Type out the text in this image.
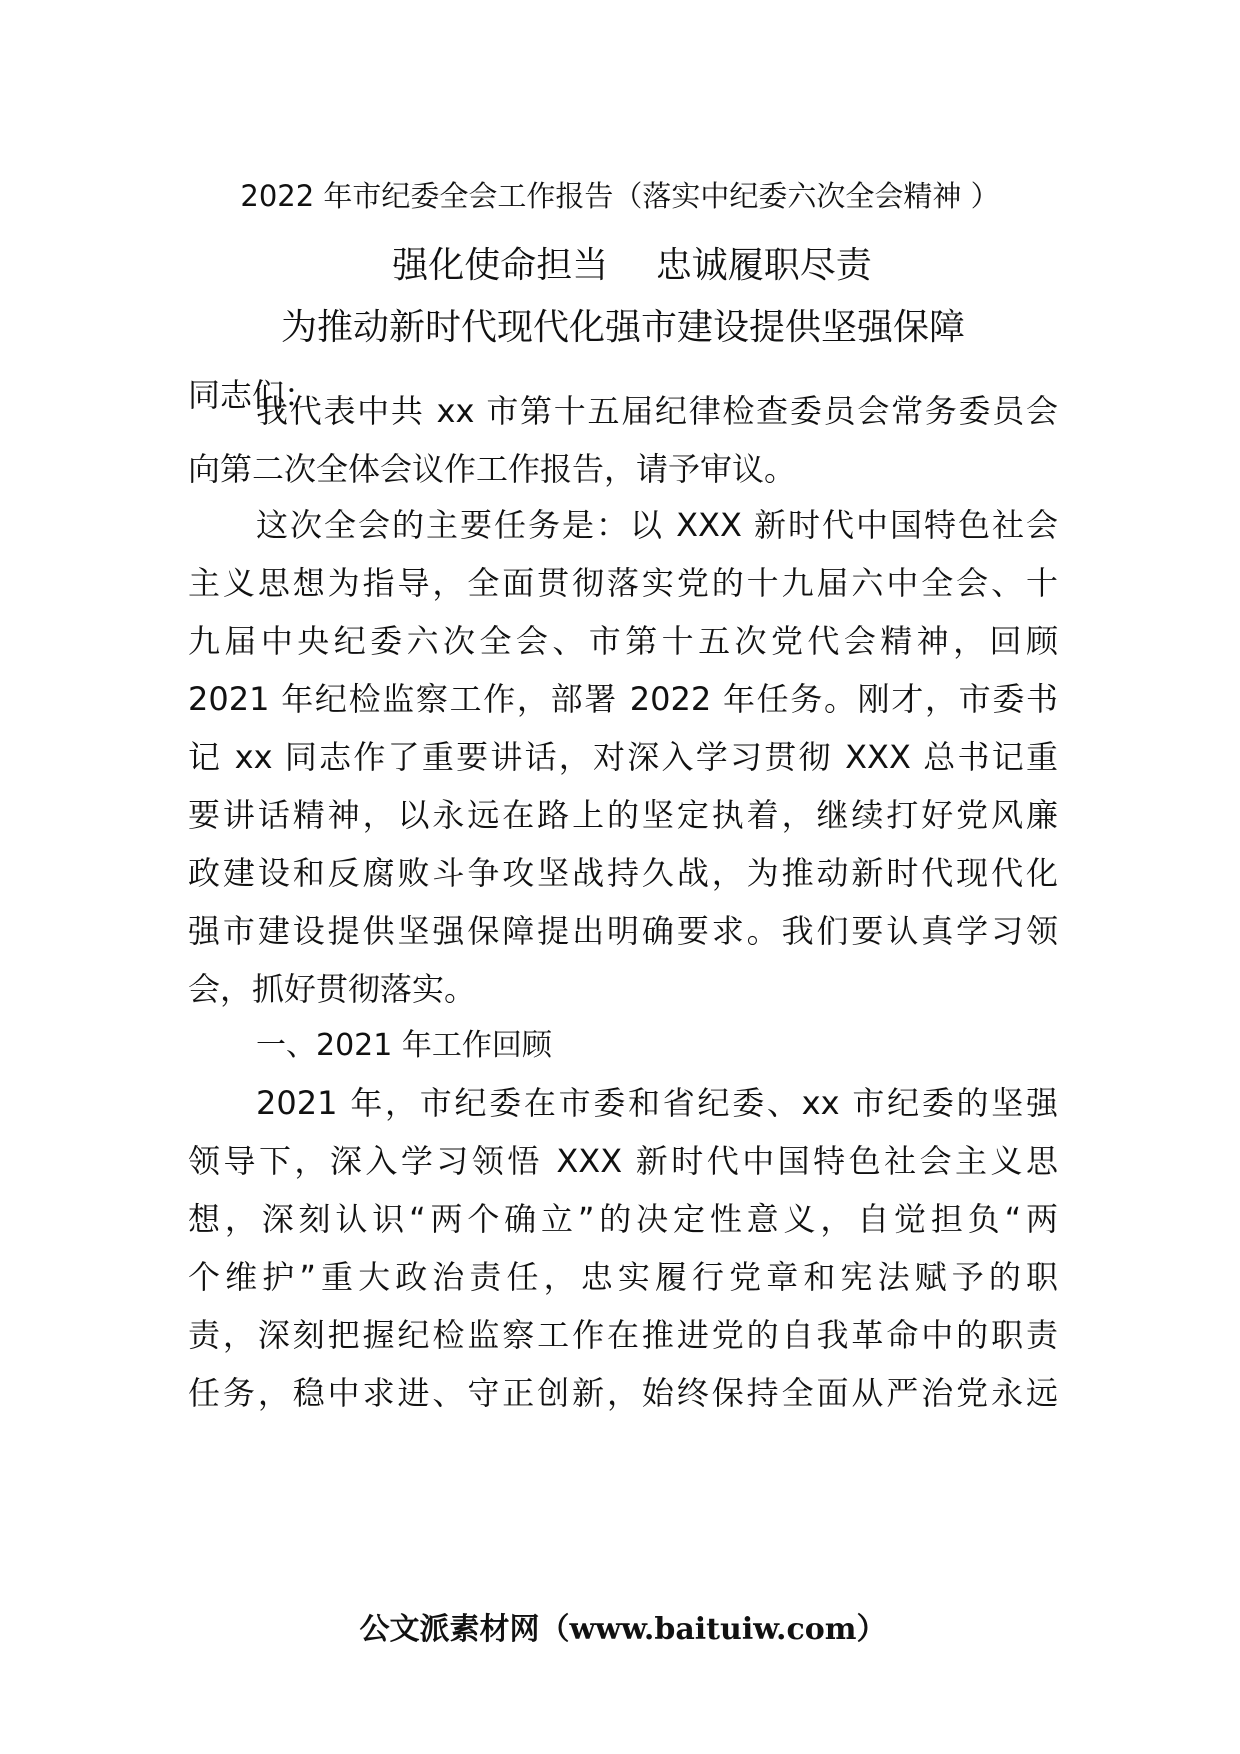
2022 年市纪委全会工作报告（落实中纪委六次全会精神 ）
强化使命担当　 忠诚履职尽责
为推动新时代现代化强市建设提供坚强保障
同志们：
我代表中共 xx 市第十五届纪律检查委员会常务委员会
向第二次全体会议作工作报告，请予审议。
这次全会的主要任务是：以 XXX 新时代中国特色社会
主义思想为指导，全面贯彻落实党的十九届六中全会、十
九届中央纪委六次全会、市第十五次党代会精神，回顾
2021 年纪检监察工作，部署 2022 年任务。刚才，市委书
记 xx 同志作了重要讲话，对深入学习贯彻 XXX 总书记重
要讲话精神，以永远在路上的坚定执着，继续打好党风廉
政建设和反腐败斗争攻坚战持久战，为推动新时代现代化
强市建设提供坚强保障提出明确要求。我们要认真学习领
会，抓好贯彻落实。
一、2021 年工作回顾
2021 年，市纪委在市委和省纪委、xx 市纪委的坚强
领导下，深入学习领悟 XXX 新时代中国特色社会主义思
想，深刻认识“两个确立”的决定性意义，自觉担负“两
个维护”重大政治责任，忠实履行党章和宪法赋予的职
责，深刻把握纪检监察工作在推进党的自我革命中的职责
任务，稳中求进、守正创新，始终保持全面从严治党永远
公文派素材网（www.baituiw.com）
